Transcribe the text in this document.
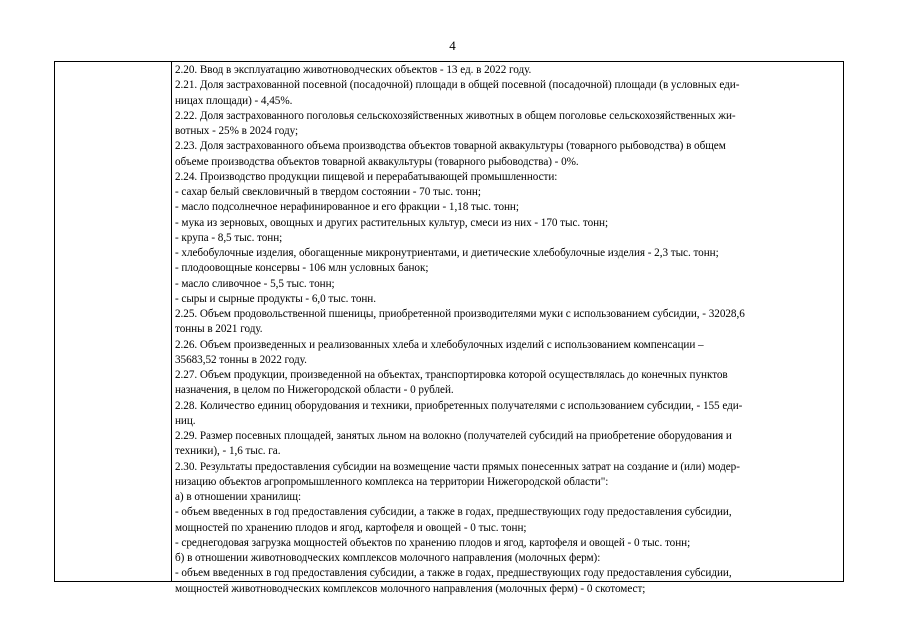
4

2.20. Ввод в эксплуатацию животноводческих объектов - 13 ед. в 2022 году.

2.21. Доля застрахованной посевной (посадочной) площади в общей посевной (посадочной) площади (в условных еди-

ницах площади) - 4,45%.

2.22. Доля застрахованного поголовья сельскохозяйственных животных в общем поголовье сельскохозяйственных жи-

вотных - 25% в 2024 году;

2.23. Доля застрахованного объема производства объектов товарной аквакультуры (товарного рыбоводства) в общем

объеме производства объектов товарной аквакультуры (товарного рыбоводства) - 0%.

2.24. Производство продукции пищевой и перерабатывающей промышленности:

- сахар белый свекловичный в твердом состоянии - 70 тыс. тонн;

- масло подсолнечное нерафинированное и его фракции - 1,18 тыс. тонн;

- мука из зерновых, овощных и других растительных культур, смеси из них - 170 тыс. тонн;

- крупа - 8,5 тыс. тонн;

- хлебобулочные изделия, обогащенные микронутриентами, и диетические хлебобулочные изделия - 2,3 тыс. тонн;

- плодоовощные консервы - 106 млн условных банок;

- масло сливочное - 5,5 тыс. тонн;

- сыры и сырные продукты - 6,0 тыс. тонн.

2.25. Объем продовольственной пшеницы, приобретенной производителями муки с использованием субсидии, - 32028,6

тонны в 2021 году.

2.26. Объем произведенных и реализованных хлеба и хлебобулочных изделий с использованием компенсации –

35683,52 тонны в 2022 году.

2.27. Объем продукции, произведенной на объектах, транспортировка которой осуществлялась до конечных пунктов

назначения, в целом по Нижегородской области - 0 рублей.

2.28. Количество единиц оборудования и техники, приобретенных получателями с использованием субсидии, - 155 еди-

ниц.

2.29. Размер посевных площадей, занятых льном на волокно (получателей субсидий на приобретение оборудования и

техники), - 1,6 тыс. га.

2.30. Результаты предоставления субсидии на возмещение части прямых понесенных затрат на создание и (или) модер-

низацию объектов агропромышленного комплекса на территории Нижегородской области":

а) в отношении хранилищ:

- объем введенных в год предоставления субсидии, а также в годах, предшествующих году предоставления субсидии,

мощностей по хранению плодов и ягод, картофеля и овощей - 0 тыс. тонн;

- среднегодовая загрузка мощностей объектов по хранению плодов и ягод, картофеля и овощей - 0 тыс. тонн;

б) в отношении животноводческих комплексов молочного направления (молочных ферм):

- объем введенных в год предоставления субсидии, а также в годах, предшествующих году предоставления субсидии,

мощностей животноводческих комплексов молочного направления (молочных ферм) - 0 скотомест;
